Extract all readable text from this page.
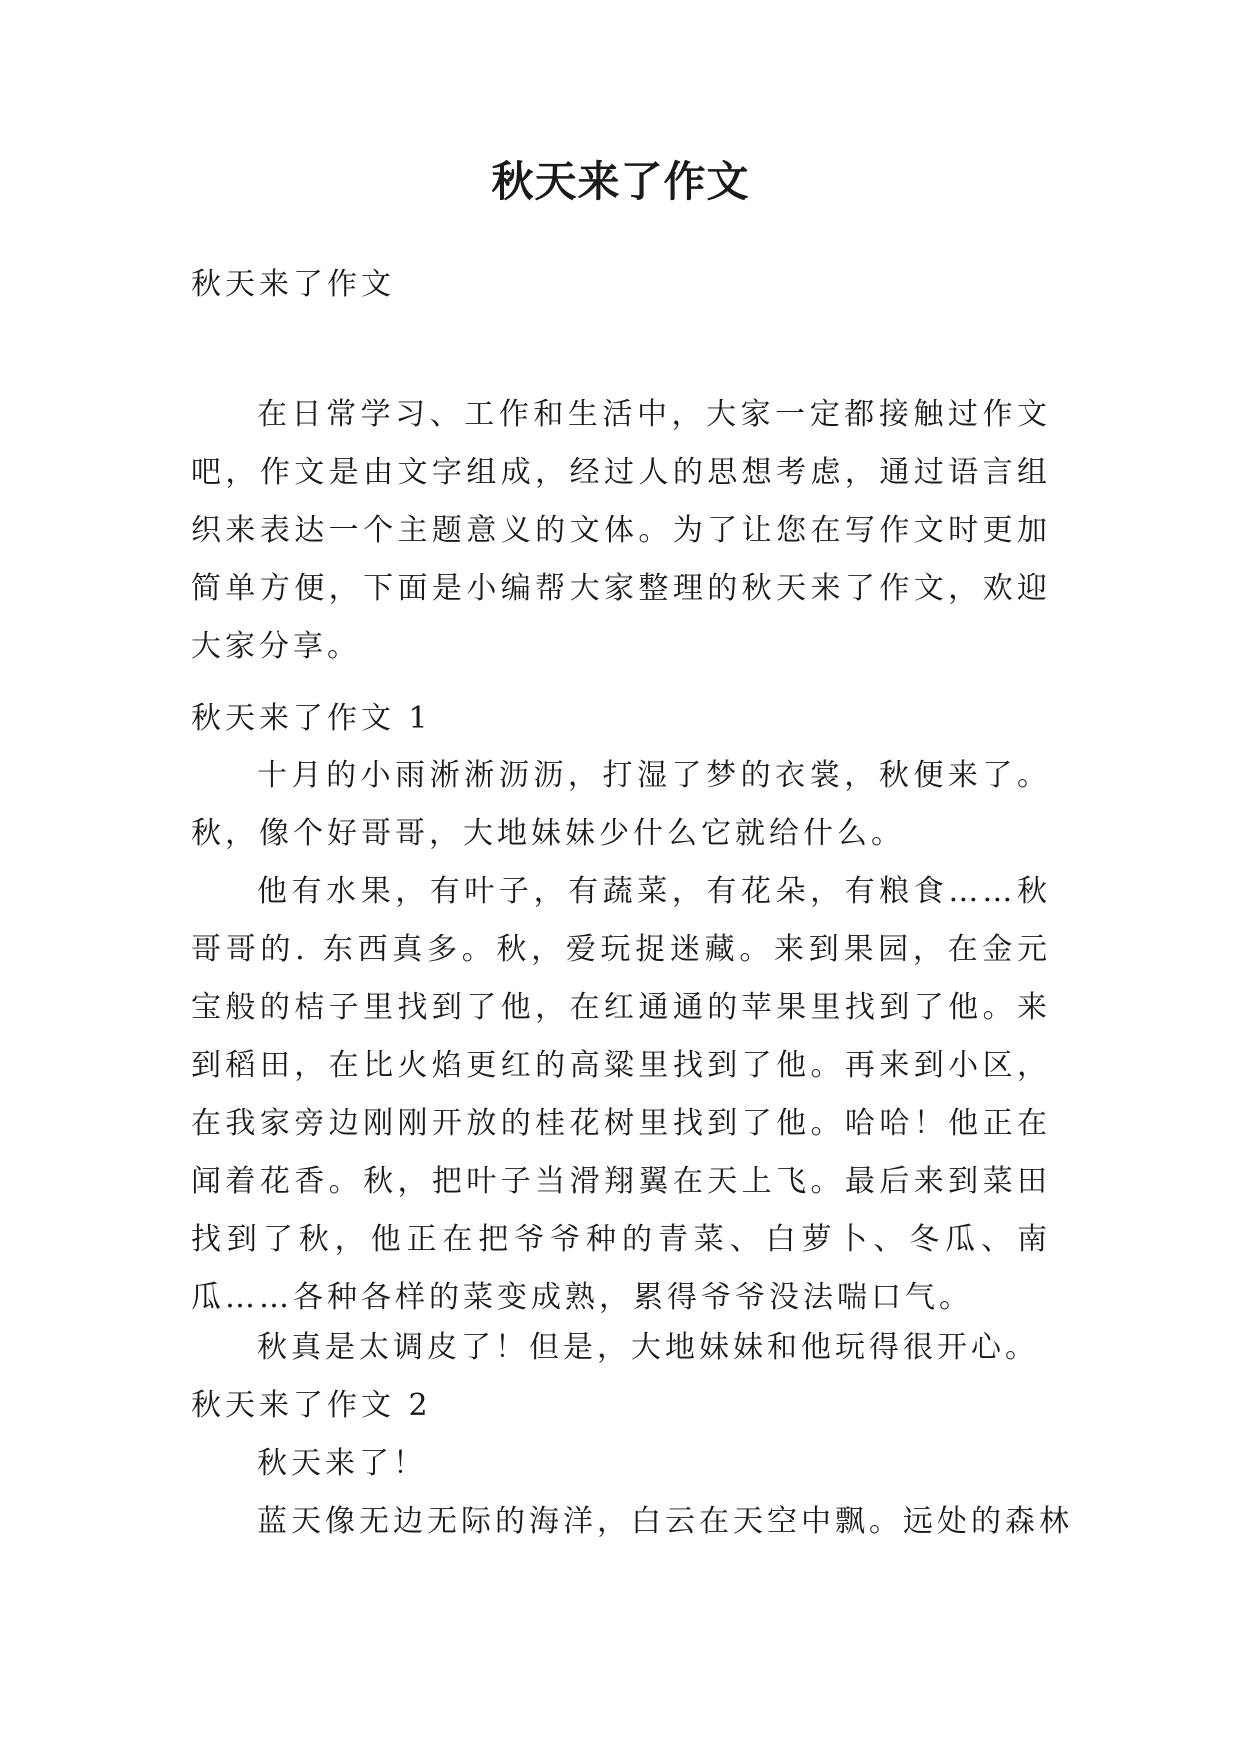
秋天来了作文

秋天来了作文

在日常学习、工作和生活中，大家一定都接触过作文吧，作文是由文字组成，经过人的思想考虑，通过语言组织来表达一个主题意义的文体。为了让您在写作文时更加简单方便，下面是小编帮大家整理的秋天来了作文，欢迎大家分享。

秋天来了作文 1

十月的小雨淅淅沥沥，打湿了梦的衣裳，秋便来了。秋，像个好哥哥，大地妹妹少什么它就给什么。

他有水果，有叶子，有蔬菜，有花朵，有粮食……秋哥哥的. 东西真多。秋，爱玩捉迷藏。来到果园，在金元宝般的桔子里找到了他，在红通通的苹果里找到了他。来到稻田，在比火焰更红的高粱里找到了他。再来到小区，在我家旁边刚刚开放的桂花树里找到了他。哈哈！他正在闻着花香。秋，把叶子当滑翔翼在天上飞。最后来到菜田找到了秋，他正在把爷爷种的青菜、白萝卜、冬瓜、南瓜……各种各样的菜变成熟，累得爷爷没法喘口气。

秋真是太调皮了！但是，大地妹妹和他玩得很开心。

秋天来了作文 2

秋天来了！

蓝天像无边无际的海洋，白云在天空中飘。远处的森林
